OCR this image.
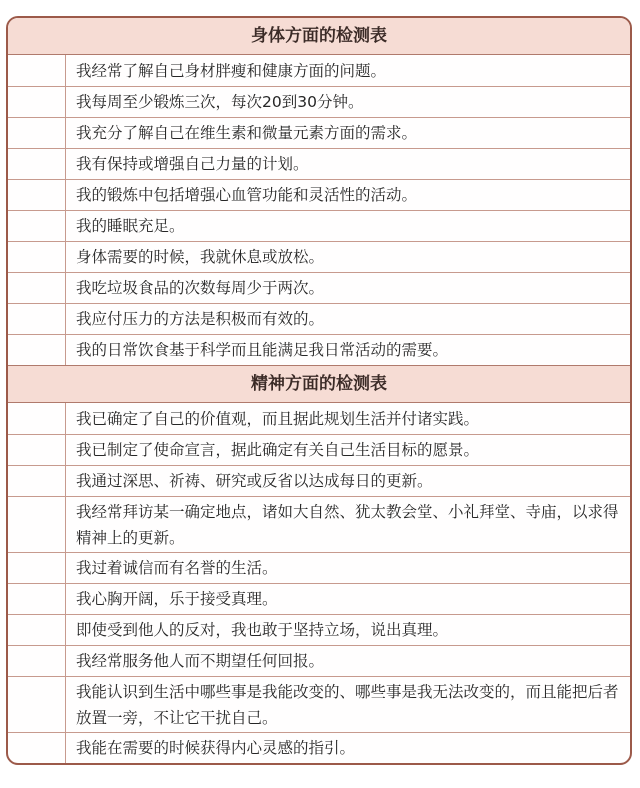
身体方面的检测表
我经常了解自己身材胖瘦和健康方面的问题。
我每周至少锻炼三次，每次20到30分钟。
我充分了解自己在维生素和微量元素方面的需求。
我有保持或增强自己力量的计划。
我的锻炼中包括增强心血管功能和灵活性的活动。
我的睡眠充足。
身体需要的时候，我就休息或放松。
我吃垃圾食品的次数每周少于两次。
我应付压力的方法是积极而有效的。
我的日常饮食基于科学而且能满足我日常活动的需要。
精神方面的检测表
我已确定了自己的价值观，而且据此规划生活并付诸实践。
我已制定了使命宣言，据此确定有关自己生活目标的愿景。
我通过深思、祈祷、研究或反省以达成每日的更新。
我经常拜访某一确定地点，诸如大自然、犹太教会堂、小礼拜堂、寺庙，以求得精神上的更新。
我过着诚信而有名誉的生活。
我心胸开阔，乐于接受真理。
即使受到他人的反对，我也敢于坚持立场，说出真理。
我经常服务他人而不期望任何回报。
我能认识到生活中哪些事是我能改变的、哪些事是我无法改变的，而且能把后者放置一旁，不让它干扰自己。
我能在需要的时候获得内心灵感的指引。
